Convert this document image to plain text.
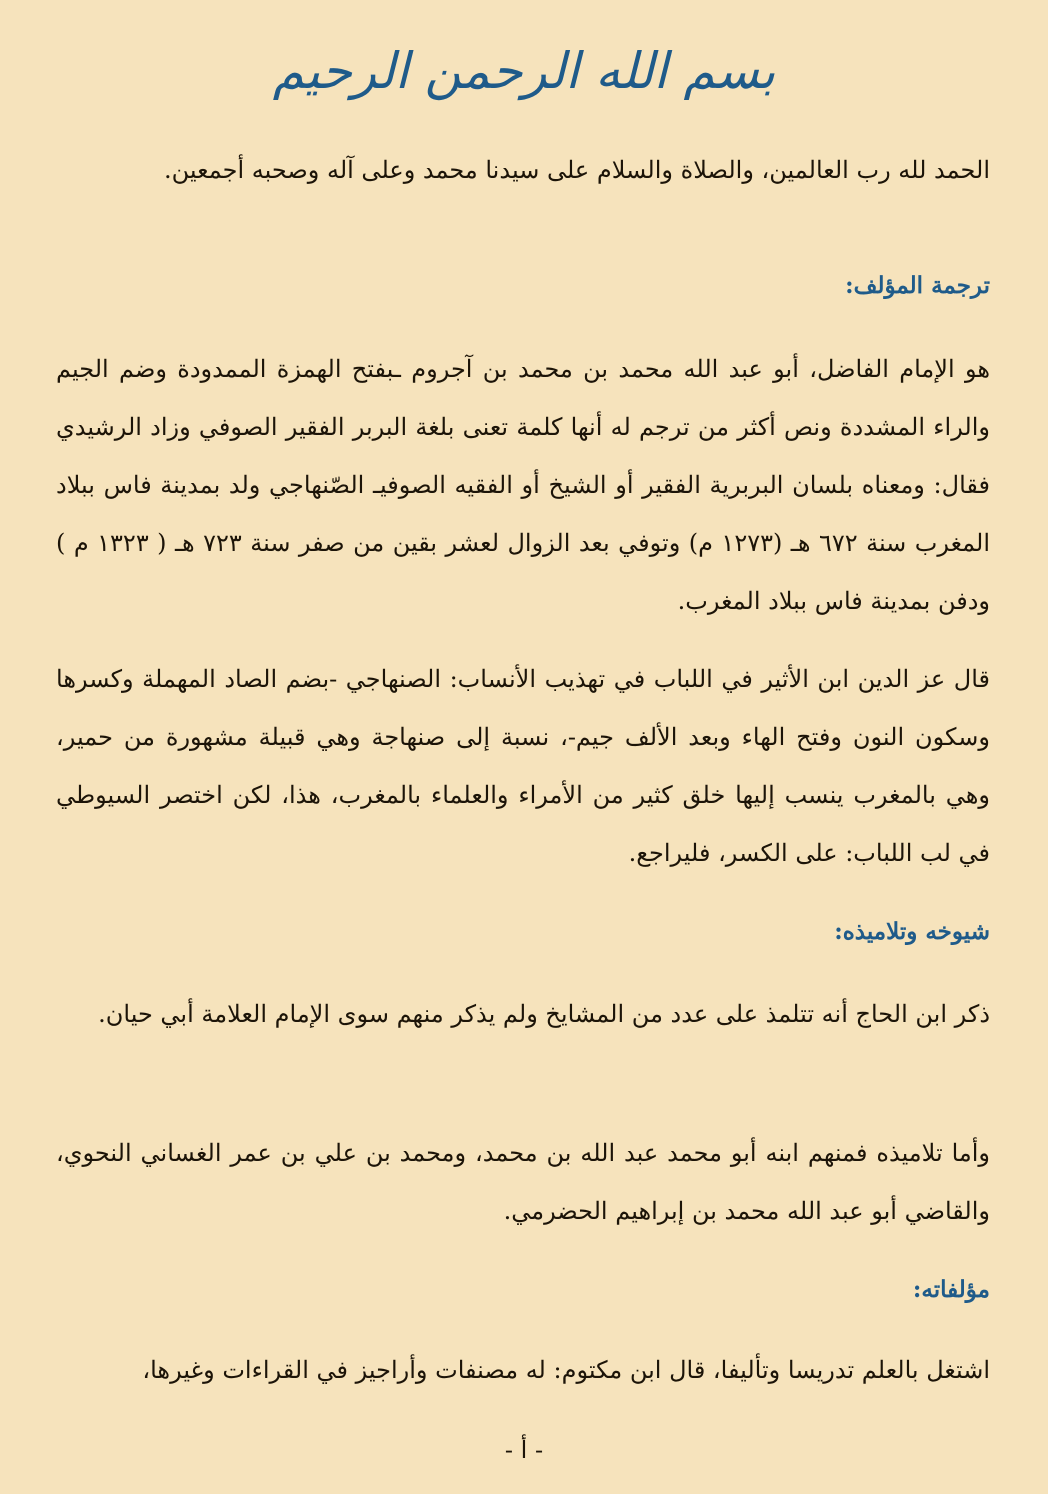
بسم الله الرحمن الرحيم

الحمد لله رب العالمين، والصلاة والسلام على سيدنا محمد وعلى آله وصحبه أجمعين.

ترجمة المؤلف:

هو الإمام الفاضل، أبو عبد الله محمد بن محمد بن آجروم ـبفتح الهمزة الممدودة وضم الجيم والراء المشددة ونص أكثر من ترجم له أنها كلمة تعنى بلغة البربر الفقير الصوفي وزاد الرشيدي فقال: ومعناه بلسان البربرية الفقير أو الشيخ أو الفقيه الصوفيـ الصّنهاجي ولد بمدينة فاس ببلاد المغرب سنة ٦٧٢ هـ (١٢٧٣ م) وتوفي بعد الزوال لعشر بقين من صفر سنة ٧٢٣ هـ ( ١٣٢٣ م ) ودفن بمدينة فاس ببلاد المغرب.

قال عز الدين ابن الأثير في اللباب في تهذيب الأنساب: الصنهاجي -بضم الصاد المهملة وكسرها وسكون النون وفتح الهاء وبعد الألف جيم-، نسبة إلى صنهاجة وهي قبيلة مشهورة من حمير، وهي بالمغرب ينسب إليها خلق كثير من الأمراء والعلماء بالمغرب، هذا، لكن اختصر السيوطي في لب اللباب: على الكسر، فليراجع.

شيوخه وتلاميذه:

ذكر ابن الحاج أنه تتلمذ على عدد من المشايخ ولم يذكر منهم سوى الإمام العلامة أبي حيان.

وأما تلاميذه فمنهم ابنه أبو محمد عبد الله بن محمد، ومحمد بن علي بن عمر الغساني النحوي، والقاضي أبو عبد الله محمد بن إبراهيم الحضرمي.

مؤلفاته:

اشتغل بالعلم تدريسا وتأليفا، قال ابن مكتوم: له مصنفات وأراجيز في القراءات وغيرها،

- أ -
